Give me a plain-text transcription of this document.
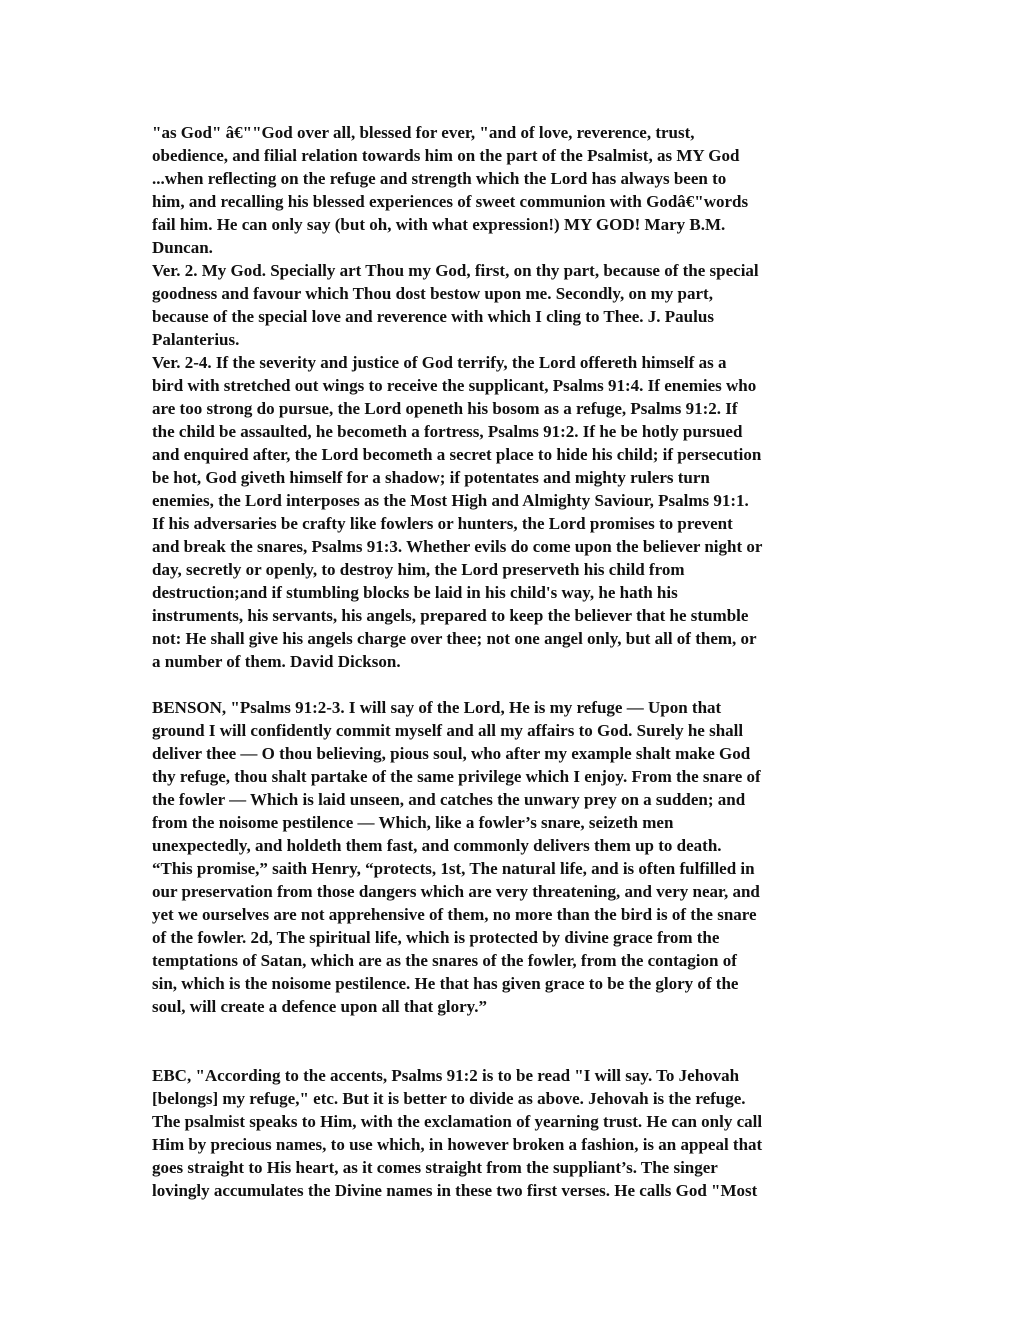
"as God" â€""God over all, blessed for ever, "and of love, reverence, trust,
obedience, and filial relation towards him on the part of the Psalmist, as MY God
...when reflecting on the refuge and strength which the Lord has always been to
him, and recalling his blessed experiences of sweet communion with Godâ€"words
fail him. He can only say (but oh, with what expression!) MY GOD! Mary B.M.
Duncan.
Ver. 2. My God. Specially art Thou my God, first, on thy part, because of the special
goodness and favour which Thou dost bestow upon me. Secondly, on my part,
because of the special love and reverence with which I cling to Thee. J. Paulus
Palanterius.
Ver. 2-4. If the severity and justice of God terrify, the Lord offereth himself as a
bird with stretched out wings to receive the supplicant, Psalms 91:4. If enemies who
are too strong do pursue, the Lord openeth his bosom as a refuge, Psalms 91:2. If
the child be assaulted, he becometh a fortress, Psalms 91:2. If he be hotly pursued
and enquired after, the Lord becometh a secret place to hide his child; if persecution
be hot, God giveth himself for a shadow; if potentates and mighty rulers turn
enemies, the Lord interposes as the Most High and Almighty Saviour, Psalms 91:1.
If his adversaries be crafty like fowlers or hunters, the Lord promises to prevent
and break the snares, Psalms 91:3. Whether evils do come upon the believer night or
day, secretly or openly, to destroy him, the Lord preserveth his child from
destruction;and if stumbling blocks be laid in his child's way, he hath his
instruments, his servants, his angels, prepared to keep the believer that he stumble
not: He shall give his angels charge over thee; not one angel only, but all of them, or
a number of them. David Dickson.
BENSON, "Psalms 91:2-3. I will say of the Lord, He is my refuge — Upon that
ground I will confidently commit myself and all my affairs to God. Surely he shall
deliver thee — O thou believing, pious soul, who after my example shalt make God
thy refuge, thou shalt partake of the same privilege which I enjoy. From the snare of
the fowler — Which is laid unseen, and catches the unwary prey on a sudden; and
from the noisome pestilence — Which, like a fowler’s snare, seizeth men
unexpectedly, and holdeth them fast, and commonly delivers them up to death.
“This promise,” saith Henry, “protects, 1st, The natural life, and is often fulfilled in
our preservation from those dangers which are very threatening, and very near, and
yet we ourselves are not apprehensive of them, no more than the bird is of the snare
of the fowler. 2d, The spiritual life, which is protected by divine grace from the
temptations of Satan, which are as the snares of the fowler, from the contagion of
sin, which is the noisome pestilence. He that has given grace to be the glory of the
soul, will create a defence upon all that glory.”
EBC, "According to the accents, Psalms 91:2 is to be read "I will say. To Jehovah
[belongs] my refuge," etc. But it is better to divide as above. Jehovah is the refuge.
The psalmist speaks to Him, with the exclamation of yearning trust. He can only call
Him by precious names, to use which, in however broken a fashion, is an appeal that
goes straight to His heart, as it comes straight from the suppliant’s. The singer
lovingly accumulates the Divine names in these two first verses. He calls God "Most
